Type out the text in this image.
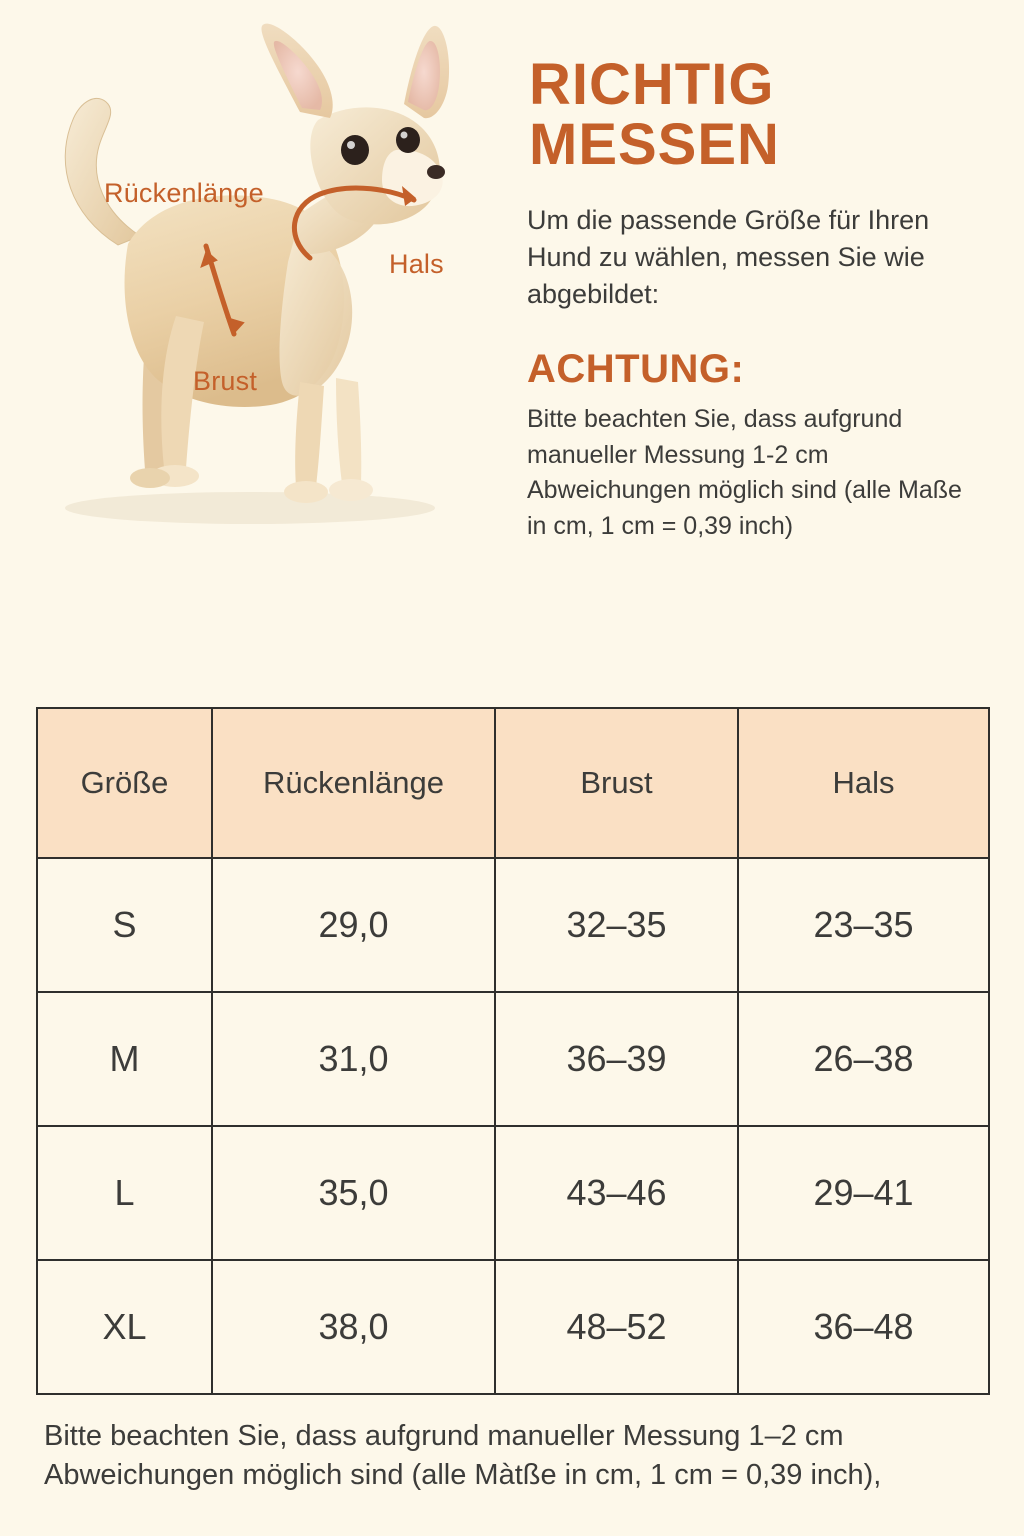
Rückenlänge
Hals
Brust
RICHTIG
MESSEN

Um die passende Größe für Ihren Hund zu wählen, messen Sie wie abgebildet:

ACHTUNG:

Bitte beachten Sie, dass aufgrund manueller Messung 1-2 cm Abweichungen möglich sind (alle Maße in cm, 1 cm = 0,39 inch)

Größe	Rückenlänge	Brust	Hals
S	29,0	32–35	23–35
M	31,0	36–39	26–38
L	35,0	43–46	29–41
XL	38,0	48–52	36–48
Bitte beachten Sie, dass aufgrund manueller Messung 1–2 cm Abweichungen möglich sind (alle Màtße in cm, 1 cm = 0,39 inch),
